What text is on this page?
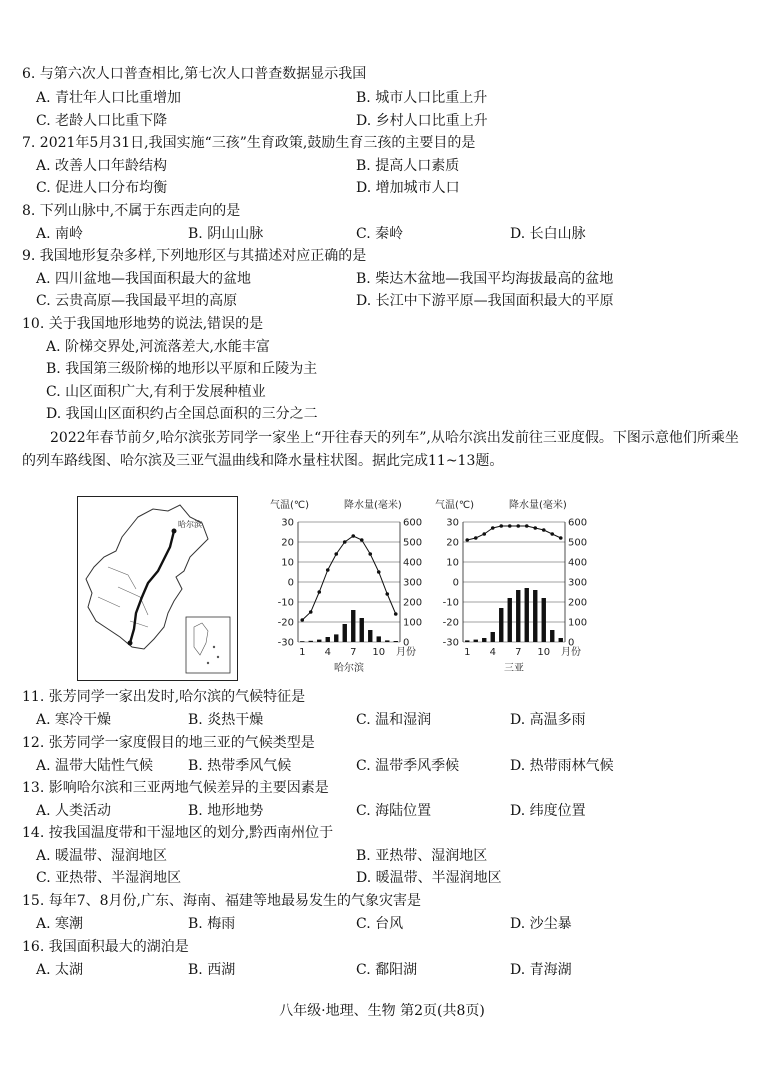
6. 与第六次人口普查相比,第七次人口普查数据显示我国
A. 青壮年人口比重增加	B. 城市人口比重上升
C. 老龄人口比重下降	D. 乡村人口比重上升
7. 2021年5月31日,我国实施“三孩”生育政策,鼓励生育三孩的主要目的是
A. 改善人口年龄结构	B. 提高人口素质
C. 促进人口分布均衡	D. 增加城市人口
8. 下列山脉中,不属于东西走向的是
A. 南岭	B. 阴山山脉	C. 秦岭	D. 长白山脉
9. 我国地形复杂多样,下列地形区与其描述对应正确的是
A. 四川盆地—我国面积最大的盆地	B. 柴达木盆地—我国平均海拔最高的盆地
C. 云贵高原—我国最平坦的高原	D. 长江中下游平原—我国面积最大的平原
10. 关于我国地形地势的说法,错误的是
A. 阶梯交界处,河流落差大,水能丰富
B. 我国第三级阶梯的地形以平原和丘陵为主
C. 山区面积广大,有利于发展种植业
D. 我国山区面积约占全国总面积的三分之二
2022年春节前夕,哈尔滨张芳同学一家坐上“开往春天的列车”,从哈尔滨出发前往三亚度假。下图示意他们所乘坐的列车路线图、哈尔滨及三亚气温曲线和降水量柱状图。据此完成11~13题。
哈尔滨
气温(℃)	降水量(毫米)
30
20
10
0
-10
-20
-30
600
500
400
300
200
100
0
1 4 7 10 月份
哈尔滨
气温(℃)	降水量(毫米)
30
20
10
0
-10
-20
-30
600
500
400
300
200
100
0
1 4 7 10 月份
三亚
11. 张芳同学一家出发时,哈尔滨的气候特征是
A. 寒冷干燥	B. 炎热干燥	C. 温和湿润	D. 高温多雨
12. 张芳同学一家度假目的地三亚的气候类型是
A. 温带大陆性气候 B. 热带季风气候	C. 温带季风季候	D. 热带雨林气候
13. 影响哈尔滨和三亚两地气候差异的主要因素是
A. 人类活动	B. 地形地势	C. 海陆位置	D. 纬度位置
14. 按我国温度带和干湿地区的划分,黔西南州位于
A. 暖温带、湿润地区	B. 亚热带、湿润地区
C. 亚热带、半湿润地区	D. 暖温带、半湿润地区
15. 每年7、8月份,广东、海南、福建等地最易发生的气象灾害是
A. 寒潮	B. 梅雨	C. 台风	D. 沙尘暴
16. 我国面积最大的湖泊是
A. 太湖	B. 西湖	C. 鄱阳湖	D. 青海湖
八年级·地理、生物 第2页(共8页)
